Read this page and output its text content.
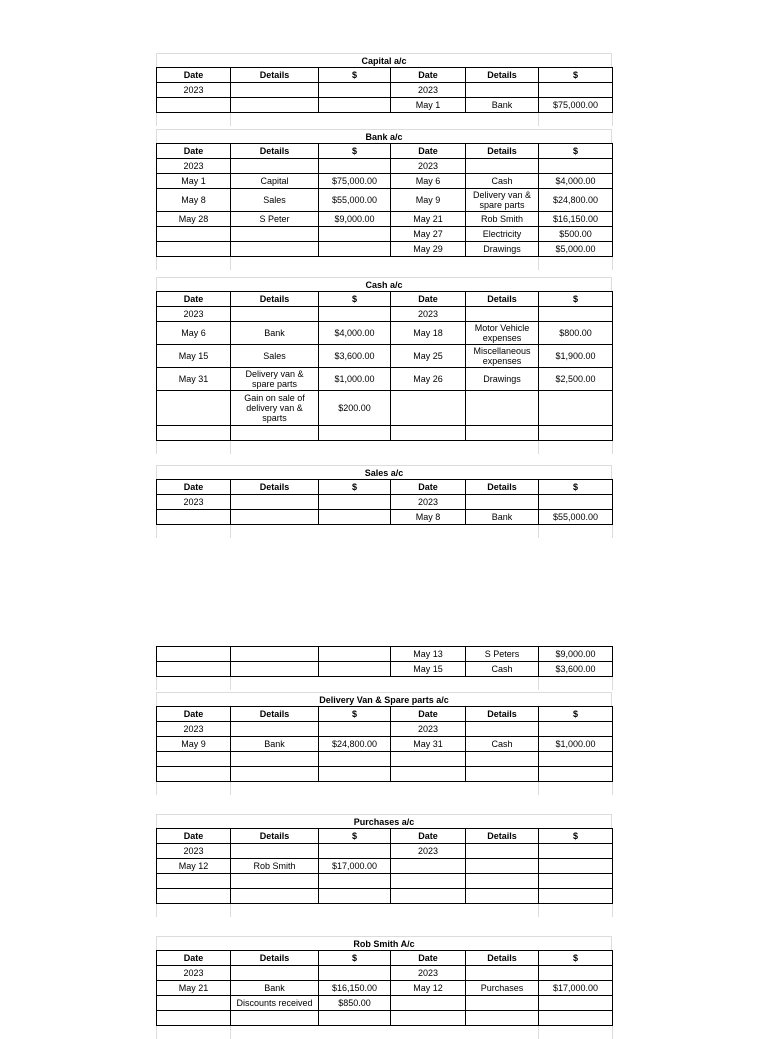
Capital a/c
Date	Details	$	Date	Details	$
2023			2023		
			May 1	Bank	$75,000.00

Bank a/c
Date	Details	$	Date	Details	$
2023			2023		
May 1	Capital	$75,000.00	May 6	Cash	$4,000.00
May 8	Sales	$55,000.00	May 9	Delivery van & spare parts	$24,800.00
May 28	S Peter	$9,000.00	May 21	Rob Smith	$16,150.00
			May 27	Electricity	$500.00
			May 29	Drawings	$5,000.00

Cash a/c
Date	Details	$	Date	Details	$
2023			2023		
May 6	Bank	$4,000.00	May 18	Motor Vehicle expenses	$800.00
May 15	Sales	$3,600.00	May 25	Miscellaneous expenses	$1,900.00
May 31	Delivery van & spare parts	$1,000.00	May 26	Drawings	$2,500.00
	Gain on sale of delivery van & sparts	$200.00			

Sales a/c
Date	Details	$	Date	Details	$
2023			2023		
			May 8	Bank	$55,000.00

			May 13	S Peters	$9,000.00
			May 15	Cash	$3,600.00

Delivery Van & Spare parts a/c
Date	Details	$	Date	Details	$
2023			2023		
May 9	Bank	$24,800.00	May 31	Cash	$1,000.00

Purchases a/c
Date	Details	$	Date	Details	$
2023			2023		
May 12	Rob Smith	$17,000.00			

Rob Smith A/c
Date	Details	$	Date	Details	$
2023			2023		
May 21	Bank	$16,150.00	May 12	Purchases	$17,000.00
	Discounts received	$850.00			
